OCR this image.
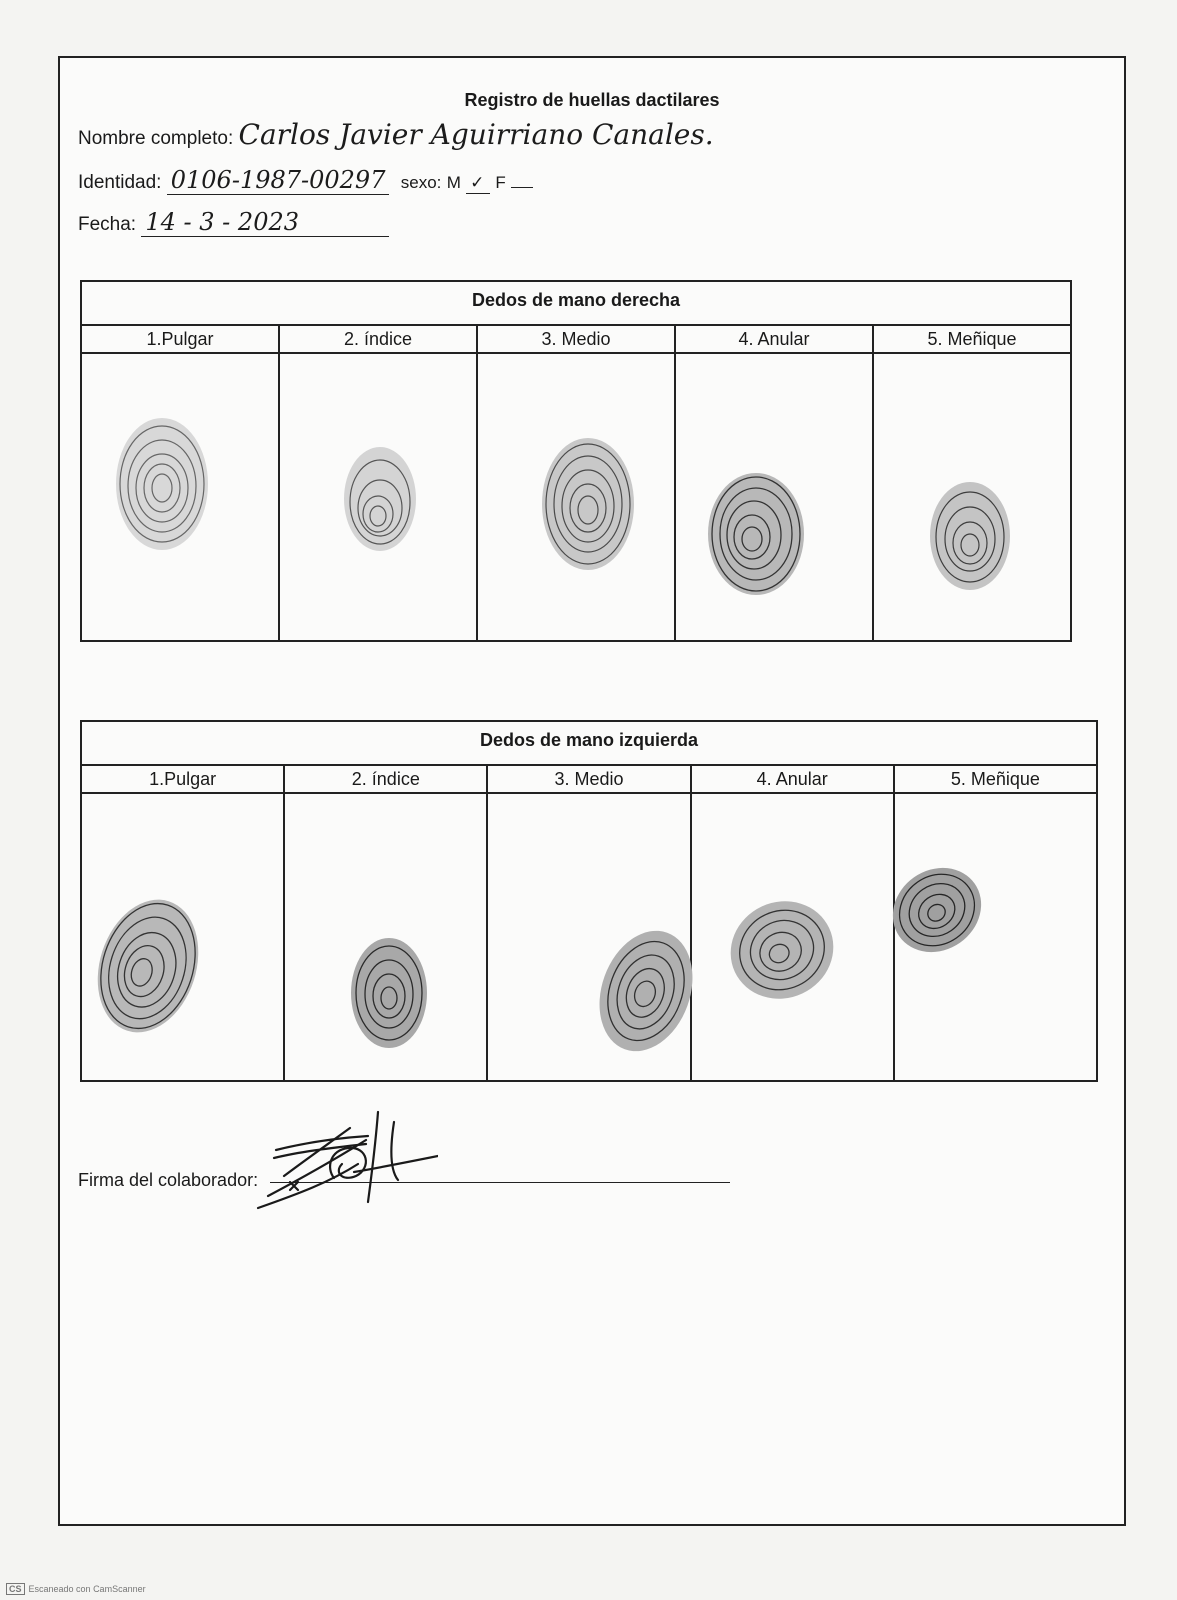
Registro de huellas dactilares
Nombre completo: Carlos Javier Aguirriano Canales.
Identidad: 0106-1987-00297 sexo: M ✓ F
Fecha: 14 - 3 - 2023
Dedos de mano derecha
1.Pulgar	2. índice	3. Medio	4. Anular	5. Meñique
Dedos de mano izquierda
1.Pulgar	2. índice	3. Medio	4. Anular	5. Meñique
Firma del colaborador:
CS Escaneado con CamScanner
